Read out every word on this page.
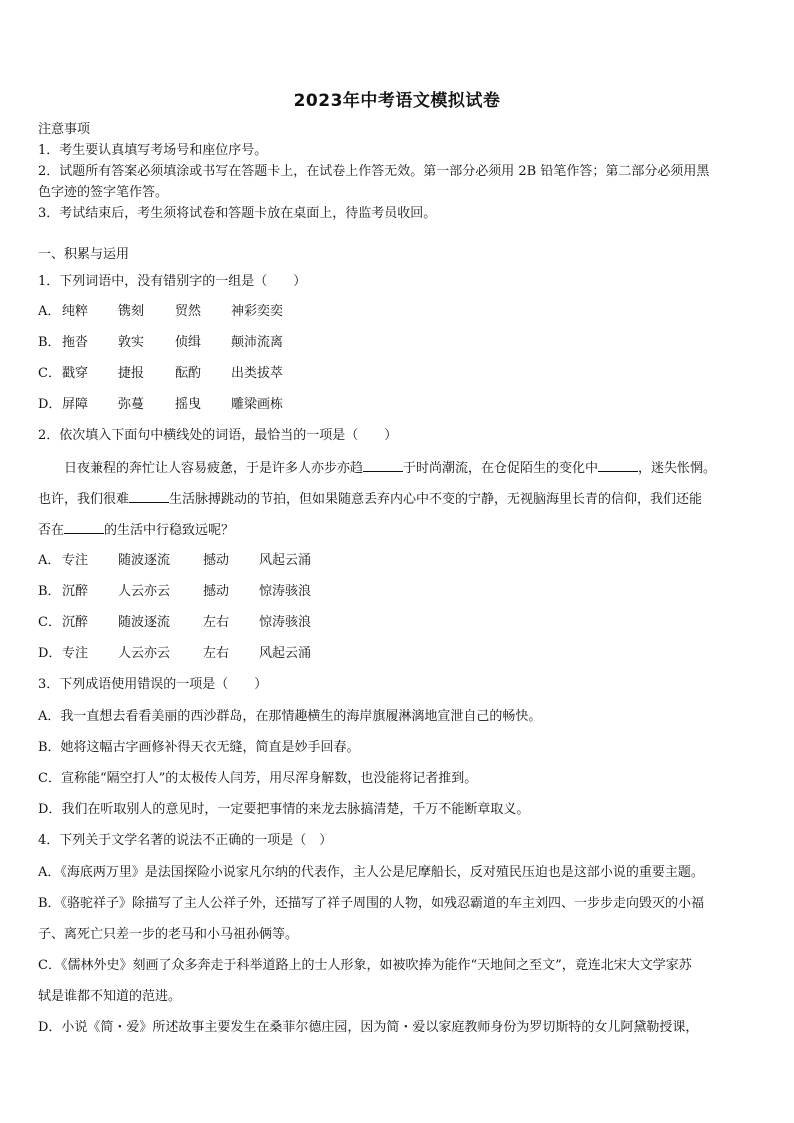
2023年中考语文模拟试卷
注意事项
1．考生要认真填写考场号和座位序号。
2．试题所有答案必须填涂或书写在答题卡上，在试卷上作答无效。第一部分必须用 2B 铅笔作答；第二部分必须用黑
色字迹的签字笔作答。
3．考试结束后，考生须将试卷和答题卡放在桌面上，待监考员收回。
一、积累与运用
1．下列词语中，没有错别字的一组是（　　）
A． 纯粹 镌刻 贸然 神彩奕奕
B．拖沓 敦实 侦缉 颠沛流离
C．戳穿 捷报 酝酌 出类拔萃
D．屏障 弥蔓 摇曳 雕梁画栋
2．依次填入下面句中横线处的词语，最恰当的一项是（　　）
日夜兼程的奔忙让人容易疲惫，于是许多人亦步亦趋	于时尚潮流，在仓促陌生的变化中	，迷失怅惘。
也许，我们很难	生活脉搏跳动的节拍，但如果随意丢弃内心中不变的宁静，无视脑海里长青的信仰，我们还能
否在	的生活中行稳致远呢？
A． 专注 随波逐流	撼动 风起云涌
B．沉醉 人云亦云	撼动 惊涛骇浪
C．沉醉 随波逐流	左右 惊涛骇浪
D．专注 人云亦云	左右 风起云涌
3．下列成语使用错误的一项是（　　）
A．我一直想去看看美丽的西沙群岛，在那情趣横生的海岸旗履淋漓地宣泄自己的畅快。
B．她将这幅古字画修补得天衣无缝，简直是妙手回春。
C．宣称能“隔空打人”的太极传人闫芳，用尽浑身解数，也没能将记者推到。
D．我们在听取别人的意见时，一定要把事情的来龙去脉搞清楚，千万不能断章取义。
4．下列关于文学名著的说法不正确的一项是（　）
A．《海底两万里》是法国探险小说家凡尔纳的代表作，主人公是尼摩船长，反对殖民压迫也是这部小说的重要主题。
B．《骆驼祥子》除描写了主人公祥子外，还描写了祥子周围的人物，如残忍霸道的车主刘四、一步步走向毁灭的小福
子、离死亡只差一步的老马和小马祖孙俩等。
C．《儒林外史》刻画了众多奔走于科举道路上的士人形象，如被吹捧为能作“天地间之至文”，竟连北宋大文学家苏
轼是谁都不知道的范进。
D．小说《简・爱》所述故事主要发生在桑菲尔德庄园，因为简・爱以家庭教师身份为罗切斯特的女儿阿黛勒授课，
